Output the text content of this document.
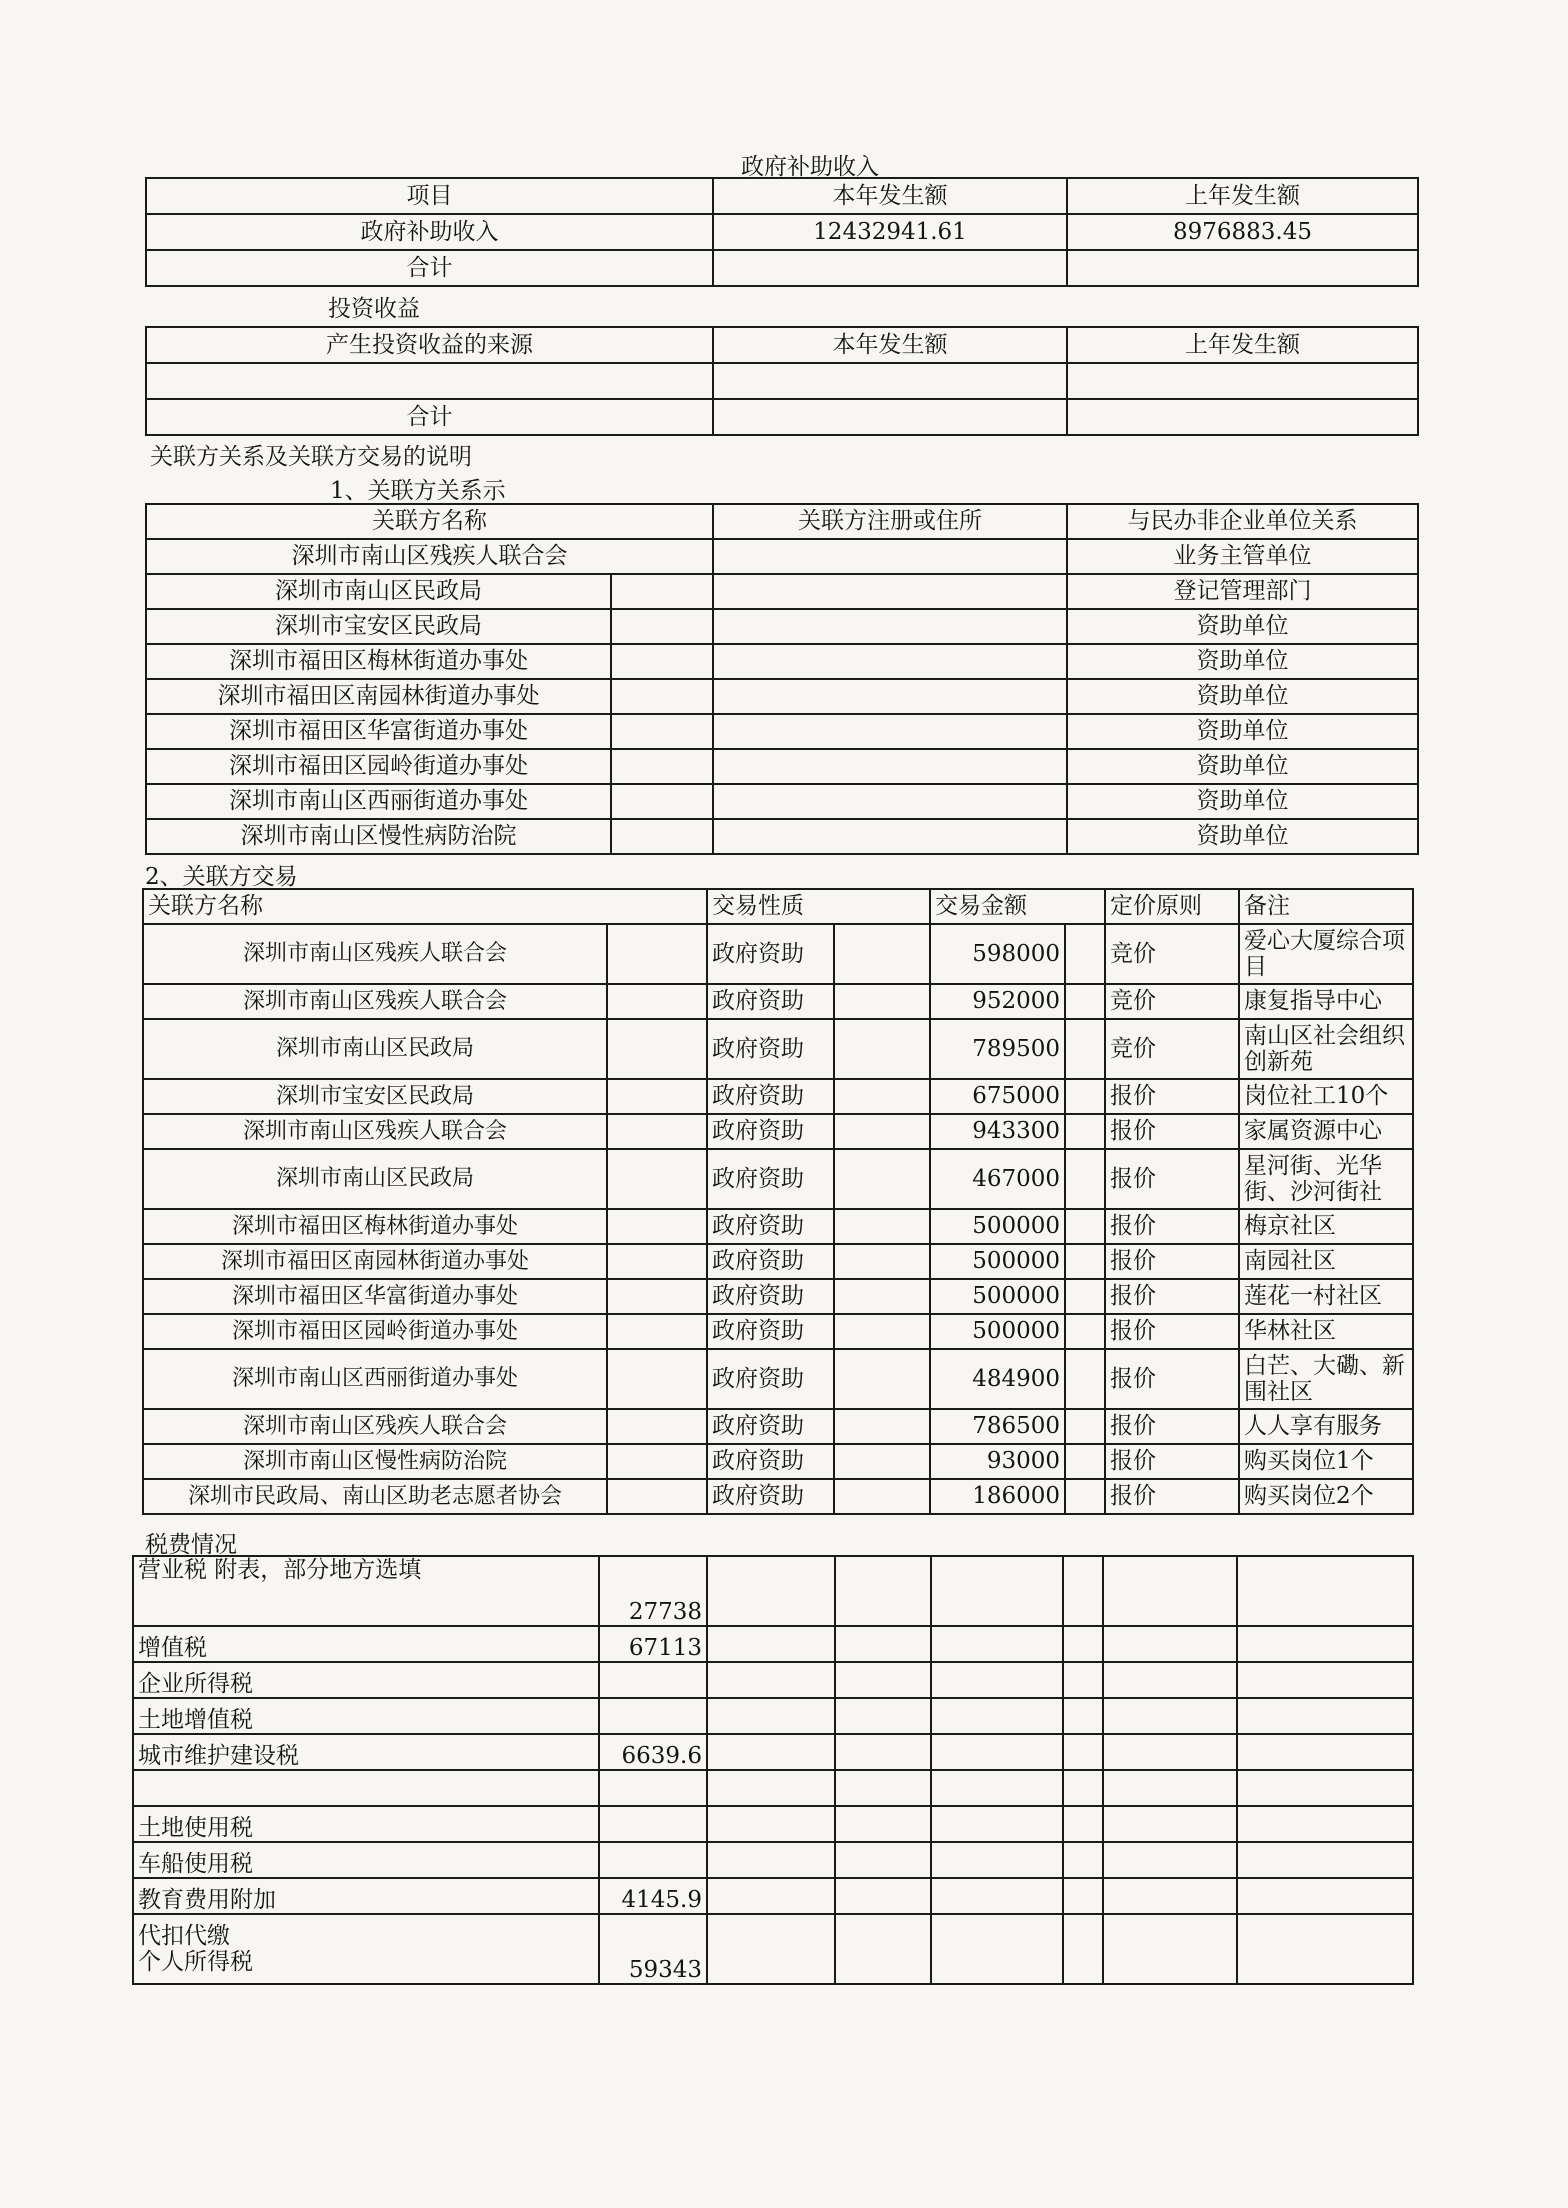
政府补助收入
项目	本年发生额	上年发生额
政府补助收入	12432941.61	8976883.45
合计		
投资收益
产生投资收益的来源	本年发生额	上年发生额

合计		
关联方关系及关联方交易的说明
1、关联方关系示
关联方名称		关联方注册或住所	与民办非企业单位关系
深圳市南山区残疾人联合会			业务主管单位
深圳市南山区民政局			登记管理部门
深圳市宝安区民政局			资助单位
深圳市福田区梅林街道办事处			资助单位
深圳市福田区南园林街道办事处			资助单位
深圳市福田区华富街道办事处			资助单位
深圳市福田区园岭街道办事处			资助单位
深圳市南山区西丽街道办事处			资助单位
深圳市南山区慢性病防治院			资助单位
2、关联方交易
关联方名称		交易性质		交易金额		定价原则	备注
深圳市南山区残疾人联合会		政府资助		598000		竞价	爱心大厦综合项目
深圳市南山区残疾人联合会		政府资助		952000		竞价	康复指导中心
深圳市南山区民政局		政府资助		789500		竞价	南山区社会组织创新苑
深圳市宝安区民政局		政府资助		675000		报价	岗位社工10个
深圳市南山区残疾人联合会		政府资助		943300		报价	家属资源中心
深圳市南山区民政局		政府资助		467000		报价	星河街、光华街、沙河街社
深圳市福田区梅林街道办事处		政府资助		500000		报价	梅京社区
深圳市福田区南园林街道办事处		政府资助		500000		报价	南园社区
深圳市福田区华富街道办事处		政府资助		500000		报价	莲花一村社区
深圳市福田区园岭街道办事处		政府资助		500000		报价	华林社区
深圳市南山区西丽街道办事处		政府资助		484900		报价	白芒、大磡、新围社区
深圳市南山区残疾人联合会		政府资助		786500		报价	人人享有服务
深圳市南山区慢性病防治院		政府资助		93000		报价	购买岗位1个
深圳市民政局、南山区助老志愿者协会		政府资助		186000		报价	购买岗位2个
税费情况
营业税 附表，部分地方选填	27738						
增值税	67113						
企业所得税							
土地增值税							
城市维护建设税	6639.6						

土地使用税							
车船使用税							
教育费用附加	4145.9						
代扣代缴
个人所得税	59343						
